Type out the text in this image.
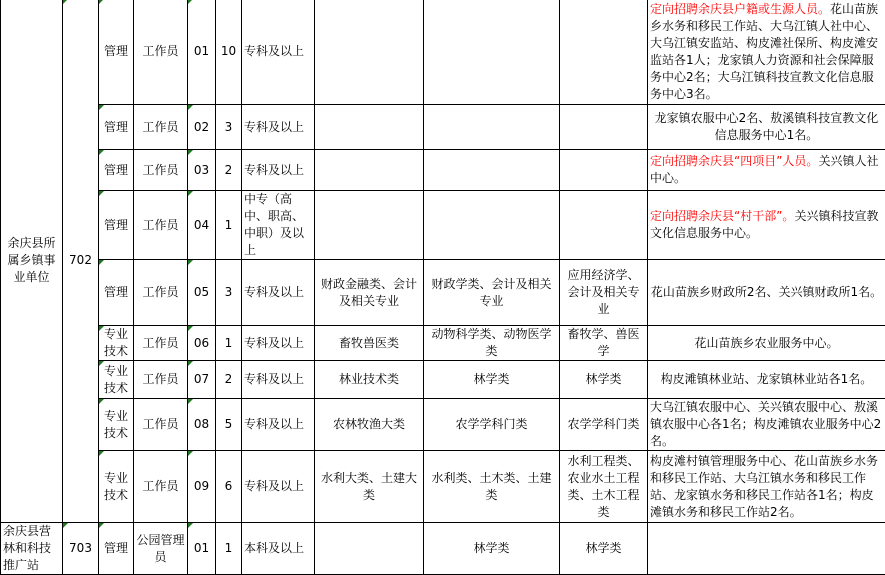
余庆县所属乡镇事业单位	702	管理	工作员	01	10	专科及以上				定向招聘余庆县户籍或生源人员。花山苗族乡水务和移民工作站、大乌江镇人社中心、大乌江镇安监站、构皮滩社保所、构皮滩安监站各1人；龙家镇人力资源和社会保障服务中心2名；大乌江镇科技宣教文化信息服务中心3名。
		管理	工作员	02	3	专科及以上				龙家镇农服中心2名、敖溪镇科技宣教文化信息服务中心1名。
		管理	工作员	03	2	专科及以上				定向招聘余庆县“四项目”人员。关兴镇人社中心。
		管理	工作员	04	1	中专（高中、职高、中职）及以上				定向招聘余庆县“村干部”。关兴镇科技宣教文化信息服务中心。
		管理	工作员	05	3	专科及以上	财政金融类、会计及相关专业	财政学类、会计及相关专业	应用经济学、会计及相关专业	花山苗族乡财政所2名、关兴镇财政所1名。
		专业技术	工作员	06	1	专科及以上	畜牧兽医类	动物科学类、动物医学类	畜牧学、兽医学	花山苗族乡农业服务中心。
		专业技术	工作员	07	2	专科及以上	林业技术类	林学类	林学类	构皮滩镇林业站、龙家镇林业站各1名。
		专业技术	工作员	08	5	专科及以上	农林牧渔大类	农学学科门类	农学学科门类	大乌江镇农服中心、关兴镇农服中心、敖溪镇农服中心各1名；构皮滩镇农业服务中心2名。
		专业技术	工作员	09	6	专科及以上	水利大类、土建大类	水利类、土木类、土建类	水利工程类、农业水土工程类、土木工程类	构皮滩村镇管理服务中心、花山苗族乡水务和移民工作站、大乌江镇水务和移民工作站、龙家镇水务和移民工作站各1名；构皮滩镇水务和移民工作站2名。
余庆县营林和科技推广站	703	管理	公园管理员	01	1	本科及以上		林学类	林学类	
